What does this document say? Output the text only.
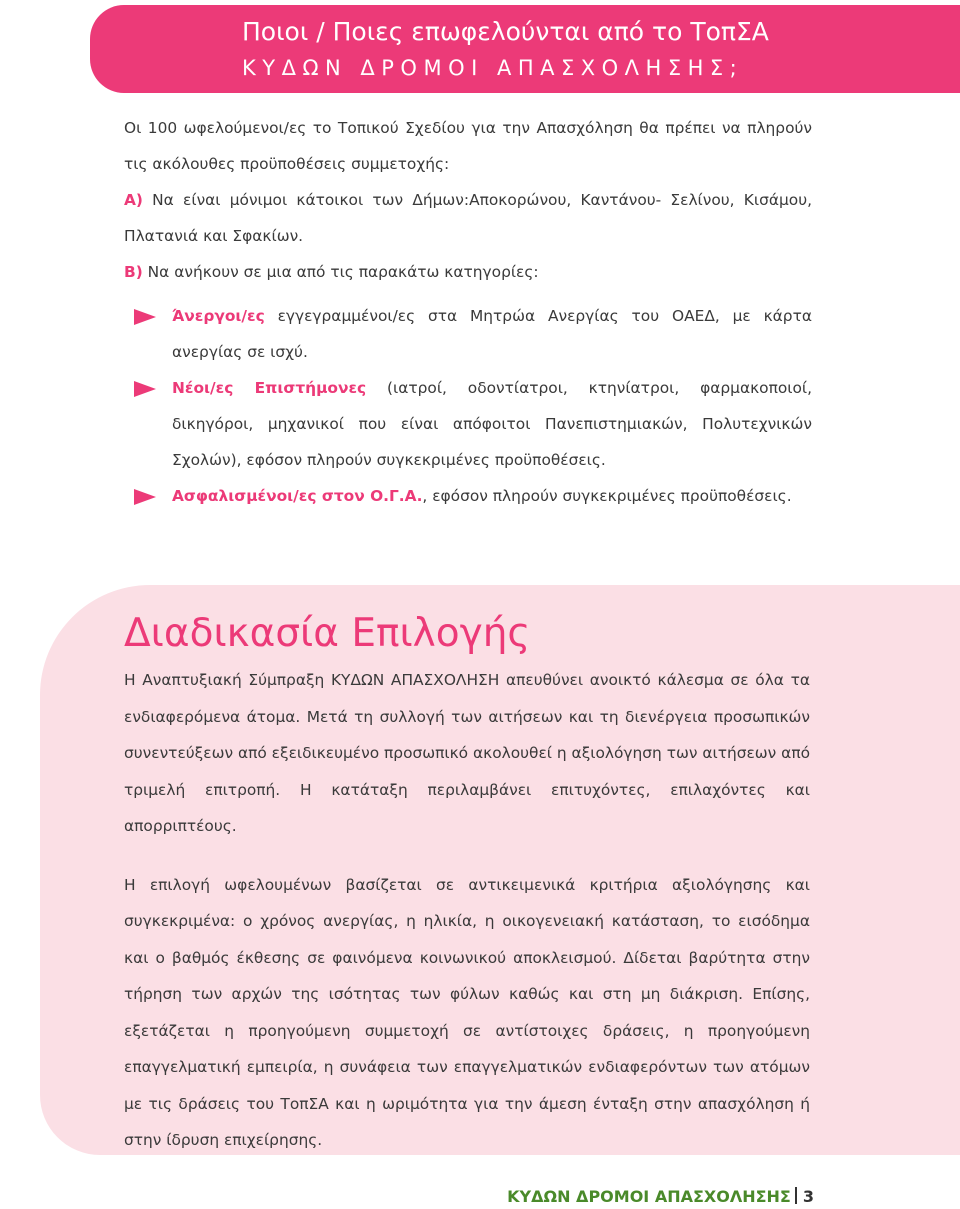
Ποιοι / Ποιες επωφελούνται από το ΤοπΣΑ
ΚΥΔΩΝ ΔΡΟΜΟΙ ΑΠΑΣΧΟΛΗΣΗΣ;

Οι 100 ωφελούμενοι/ες το Τοπικού Σχεδίου για την Απασχόληση θα πρέπει να πληρούν τις ακόλουθες προϋποθέσεις συμμετοχής:

Α) Να είναι μόνιμοι κάτοικοι των Δήμων:Αποκορώνου, Καντάνου- Σελίνου, Κισάμου, Πλατανιά και Σφακίων.

Β) Να ανήκουν σε μια από τις παρακάτω κατηγορίες:

Άνεργοι/ες εγγεγραμμένοι/ες στα Μητρώα Ανεργίας του ΟΑΕΔ, με κάρτα ανεργίας σε ισχύ.

Νέοι/ες Επιστήμονες (ιατροί, οδοντίατροι, κτηνίατροι, φαρμακοποιοί, δικηγόροι, μηχανικοί που είναι απόφοιτοι Πανεπιστημιακών, Πολυτεχνικών Σχολών), εφόσον πληρούν συγκεκριμένες προϋποθέσεις.

Ασφαλισμένοι/ες στον Ο.Γ.Α., εφόσον πληρούν συγκεκριμένες προϋποθέσεις.

Διαδικασία Επιλογής

Η Αναπτυξιακή Σύμπραξη ΚΥΔΩΝ ΑΠΑΣΧΟΛΗΣΗ απευθύνει ανοικτό κάλεσμα σε όλα τα ενδιαφερόμενα άτομα. Μετά τη συλλογή των αιτήσεων και τη διενέργεια προσωπικών συνεντεύξεων από εξειδικευμένο προσωπικό ακολουθεί η αξιολόγηση των αιτήσεων από τριμελή επιτροπή. Η κατάταξη περιλαμβάνει επιτυχόντες, επιλαχόντες και απορριπτέους.

Η επιλογή ωφελουμένων βασίζεται σε αντικειμενικά κριτήρια αξιολόγησης και συγκεκριμένα: ο χρόνος ανεργίας, η ηλικία, η οικογενειακή κατάσταση, το εισόδημα και ο βαθμός έκθεσης σε φαινόμενα κοινωνικού αποκλεισμού. Δίδεται βαρύτητα στην τήρηση των αρχών της ισότητας των φύλων καθώς και στη μη διάκριση. Επίσης, εξετάζεται η προηγούμενη συμμετοχή σε αντίστοιχες δράσεις, η προηγούμενη επαγγελματική εμπειρία, η συνάφεια των επαγγελματικών ενδιαφερόντων των ατόμων με τις δράσεις του ΤοπΣΑ και η ωριμότητα για την άμεση ένταξη στην απασχόληση ή στην ίδρυση επιχείρησης.

ΚΥΔΩΝ ΔΡΟΜΟΙ ΑΠΑΣΧΟΛΗΣΗΣ 3
